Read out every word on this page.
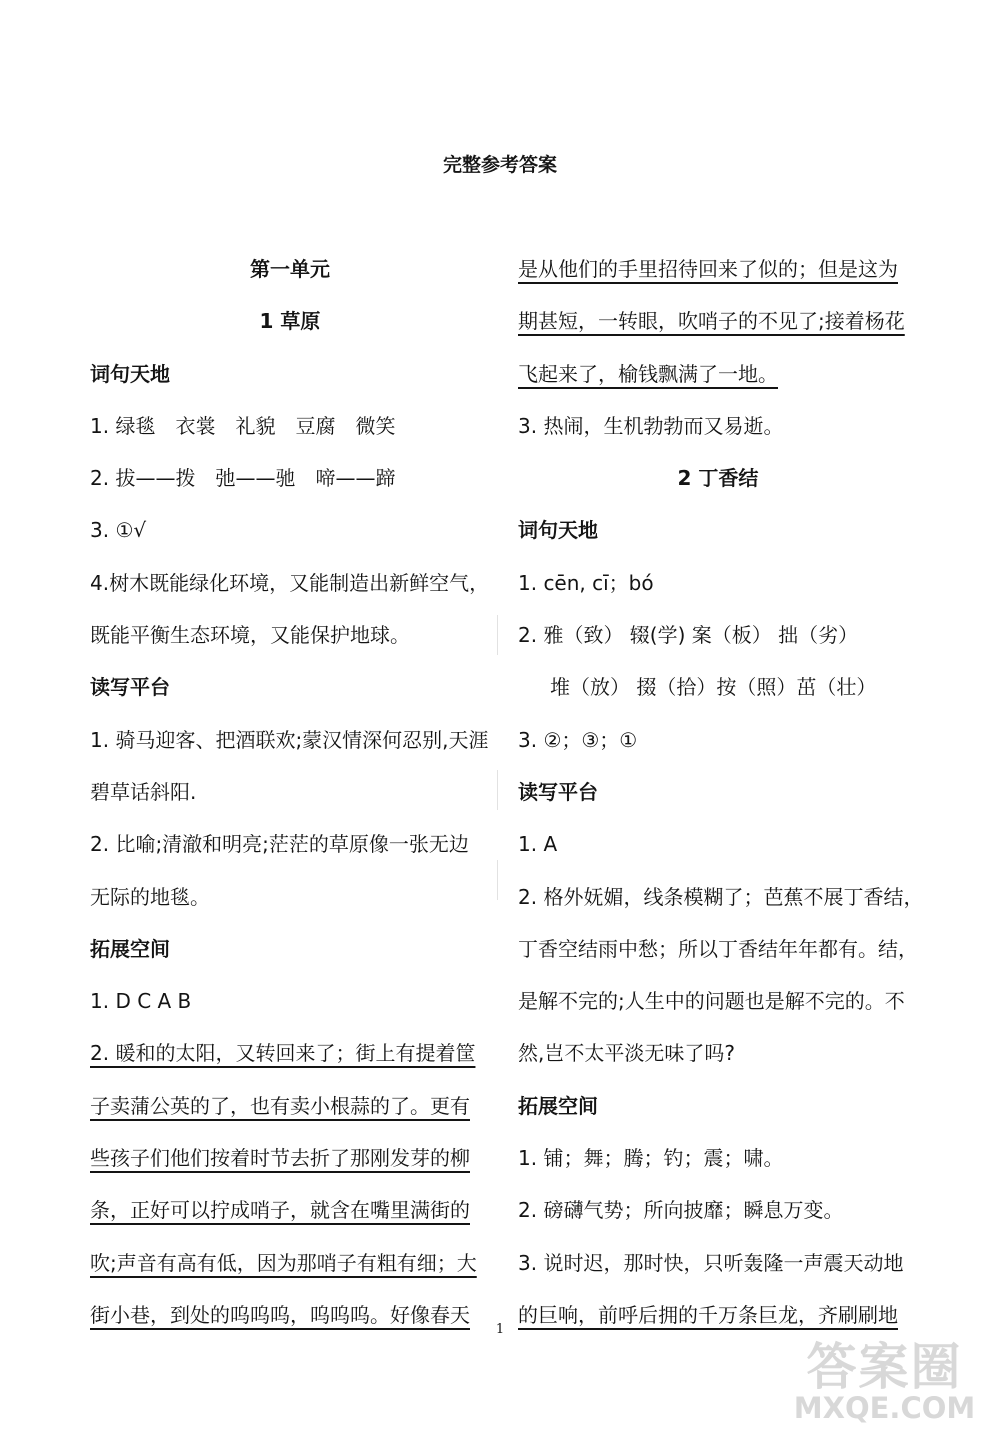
完整参考答案
第一单元
1 草原
词句天地
1. 绿毯　衣裳　礼貌　豆腐　微笑
2. 拔——拨　弛——驰　啼——蹄
3. ①√
4.树木既能绿化环境，又能制造出新鲜空气，
既能平衡生态环境，又能保护地球。
读写平台
1. 骑马迎客、把酒联欢;蒙汉情深何忍别,天涯
碧草话斜阳.
2. 比喻;清澈和明亮;茫茫的草原像一张无边
无际的地毯。
拓展空间
1. D C A B
2. 暖和的太阳，又转回来了；街上有提着筐
子卖蒲公英的了，也有卖小根蒜的了。更有
些孩子们他们按着时节去折了那刚发芽的柳
条，正好可以拧成哨子，就含在嘴里满街的
吹;声音有高有低，因为那哨子有粗有细；大
街小巷，到处的呜呜呜，呜呜呜。好像春天
是从他们的手里招待回来了似的；但是这为
期甚短，一转眼，吹哨子的不见了;接着杨花
飞起来了，榆钱飘满了一地。
3. 热闹，生机勃勃而又易逝。
2 丁香结
词句天地
1. cēn, cī；bó
2. 雅（致） 辍(学) 案（板） 拙（劣）
堆（放） 掇（拾）按（照）茁（壮）
3. ②；③；①
读写平台
1. A
2. 格外妩媚，线条模糊了；芭蕉不展丁香结，
丁香空结雨中愁；所以丁香结年年都有。结，
是解不完的;人生中的问题也是解不完的。不
然,岂不太平淡无味了吗?
拓展空间
1. 铺；舞；腾；钓；震；啸。
2. 磅礴气势；所向披靡；瞬息万变。
3. 说时迟，那时快，只听轰隆一声震天动地
的巨响，前呼后拥的千万条巨龙，齐刷刷地
1
答案圈
MXQE.COM
